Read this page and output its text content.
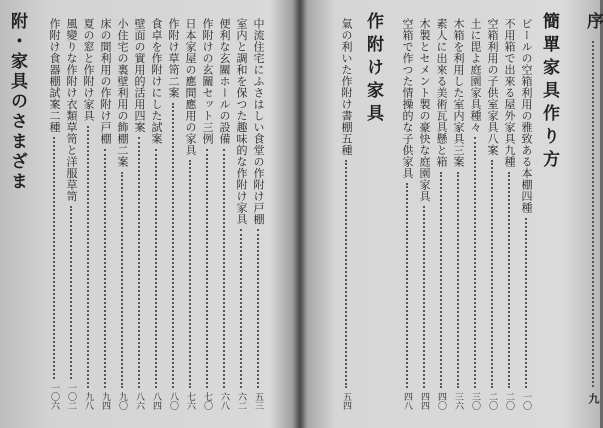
序
九
簡單家具作り方
ビールの空箱利用の雅致ある本棚四種
一〇
不用箱で出來る屋外家具九種
二〇
空箱利用の子供室家具八案
二〇
土に毘よ庭園家具種々
三〇
木箱を利用した室内家具三案
三六
素人に出來る美術瓦具懸と箱
四〇
木製とセメント製の豪快な庭園家具
四四
空箱で作つた情操的な子供家具
四八
作附け家具
氣の利いた作附け書棚五種
五四
中流住宅にふさはしい食堂の作附け戸棚
五三
室内と調和を保つた趣味的な作附け家具
六二
便利な玄關ホールの設備
六八
作附けの玄關セット三例
七〇
日本家屋の應間應用の家具
七六
作附け草笥二案
八〇
食卓を作附けにした試案
八四
壁面の實用的活用四案
八六
小住宅の裏壁利用の飾棚二案
九〇
床の間利用の作附け戸棚
九四
夏の窓と作附け家具
九八
風變りな作附け衣類草笥と洋服草笥
一〇二
作附け食器棚試案二種
一〇六
附・家具のさまざま
